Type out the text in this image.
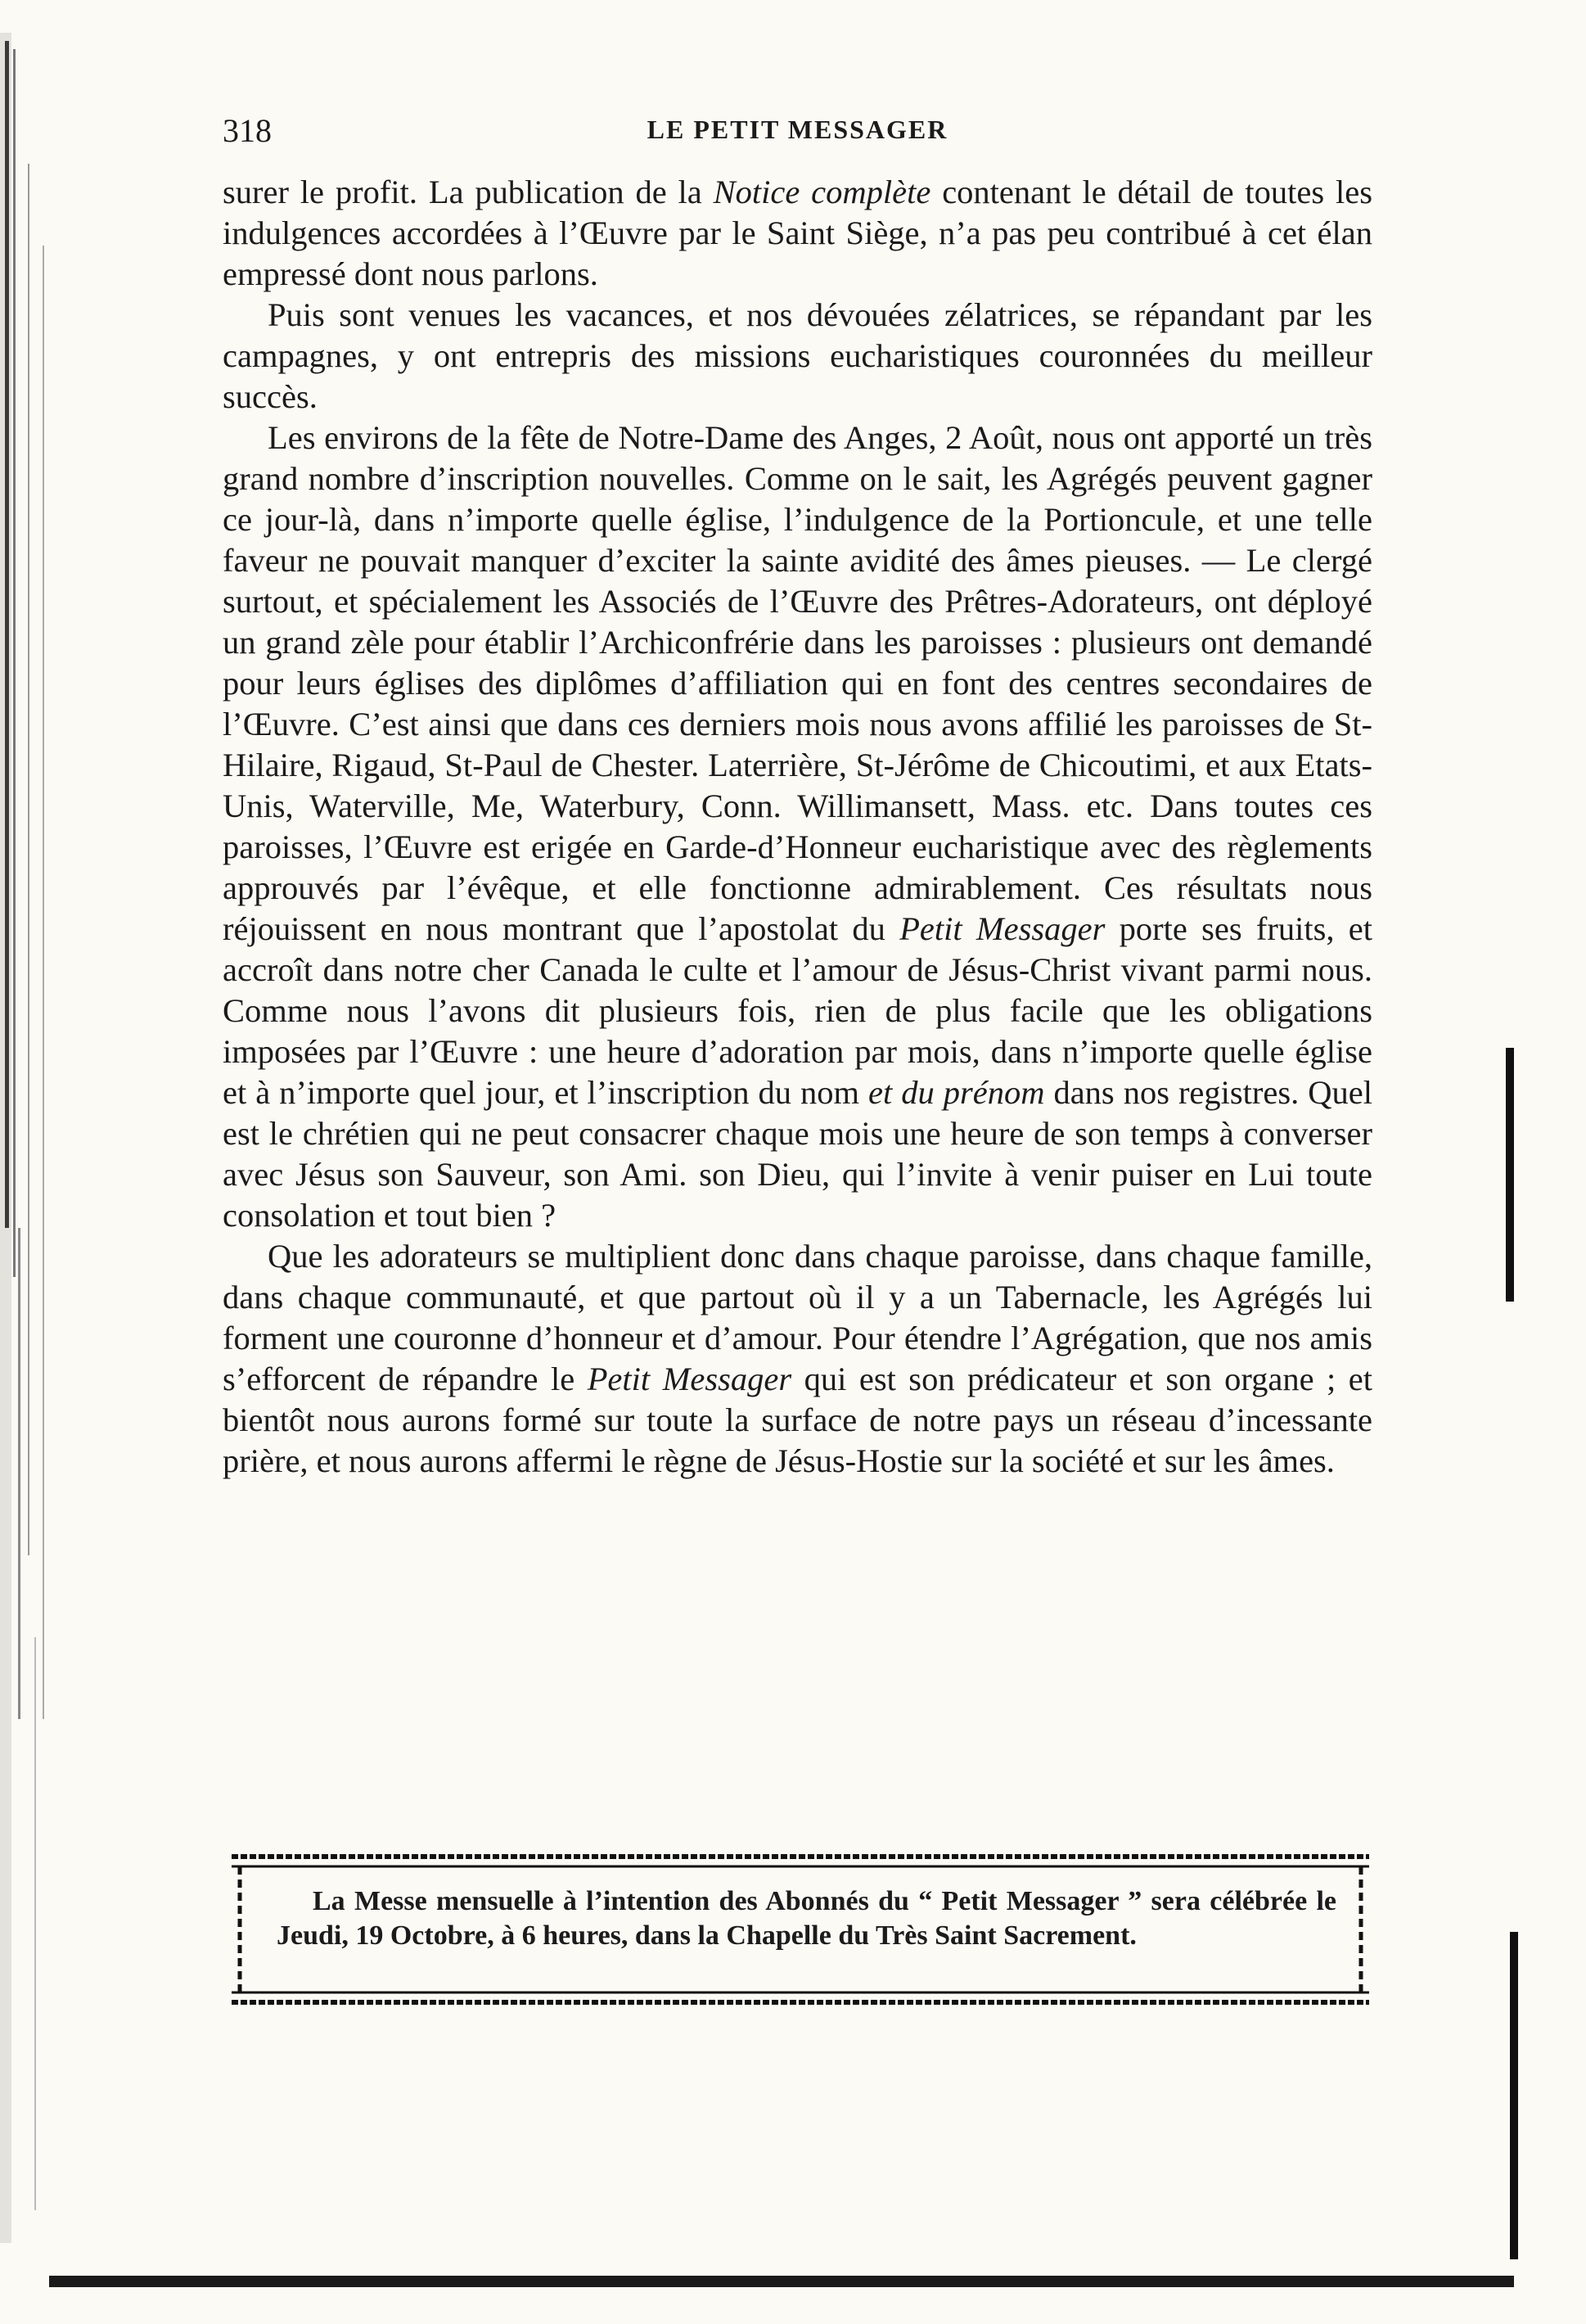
318	LE PETIT MESSAGER

surer le profit. La publication de la Notice complète contenant le détail de toutes les indulgences accordées à l’Œuvre par le Saint Siège, n’a pas peu contribué à cet élan empressé dont nous parlons.

Puis sont venues les vacances, et nos dévouées zélatrices, se répandant par les campagnes, y ont entrepris des missions eucharistiques couronnées du meilleur succès.

Les environs de la fête de Notre-Dame des Anges, 2 Août, nous ont apporté un très grand nombre d’inscription nouvelles. Comme on le sait, les Agrégés peuvent gagner ce jour-là, dans n’importe quelle église, l’indulgence de la Portioncule, et une telle faveur ne pouvait manquer d’exciter la sainte avidité des âmes pieuses. — Le clergé surtout, et spécialement les Associés de l’Œuvre des Prêtres-Adorateurs, ont déployé un grand zèle pour établir l’Archiconfrérie dans les paroisses : plusieurs ont demandé pour leurs églises des diplômes d’affiliation qui en font des centres secondaires de l’Œuvre. C’est ainsi que dans ces derniers mois nous avons affilié les paroisses de St-Hilaire, Rigaud, St-Paul de Chester. Laterrière, St-Jérôme de Chicoutimi, et aux Etats-Unis, Waterville, Me, Waterbury, Conn. Willimansett, Mass. etc. Dans toutes ces paroisses, l’Œuvre est erigée en Garde-d’Honneur eucharistique avec des règlements approuvés par l’évêque, et elle fonctionne admirablement. Ces résultats nous réjouissent en nous montrant que l’apostolat du Petit Messager porte ses fruits, et accroît dans notre cher Canada le culte et l’amour de Jésus-Christ vivant parmi nous. Comme nous l’avons dit plusieurs fois, rien de plus facile que les obligations imposées par l’Œuvre : une heure d’adoration par mois, dans n’importe quelle église et à n’importe quel jour, et l’inscription du nom et du prénom dans nos registres. Quel est le chrétien qui ne peut consacrer chaque mois une heure de son temps à converser avec Jésus son Sauveur, son Ami. son Dieu, qui l’invite à venir puiser en Lui toute consolation et tout bien ?

Que les adorateurs se multiplient donc dans chaque paroisse, dans chaque famille, dans chaque communauté, et que partout où il y a un Tabernacle, les Agrégés lui forment une couronne d’honneur et d’amour. Pour étendre l’Agrégation, que nos amis s’efforcent de répandre le Petit Messager qui est son prédicateur et son organe ; et bientôt nous aurons formé sur toute la surface de notre pays un réseau d’incessante prière, et nous aurons affermi le règne de Jésus-Hostie sur la société et sur les âmes.

La Messe mensuelle à l’intention des Abonnés du “ Petit Messager ” sera célébrée le Jeudi, 19 Octobre, à 6 heures, dans la Chapelle du Très Saint Sacrement.
